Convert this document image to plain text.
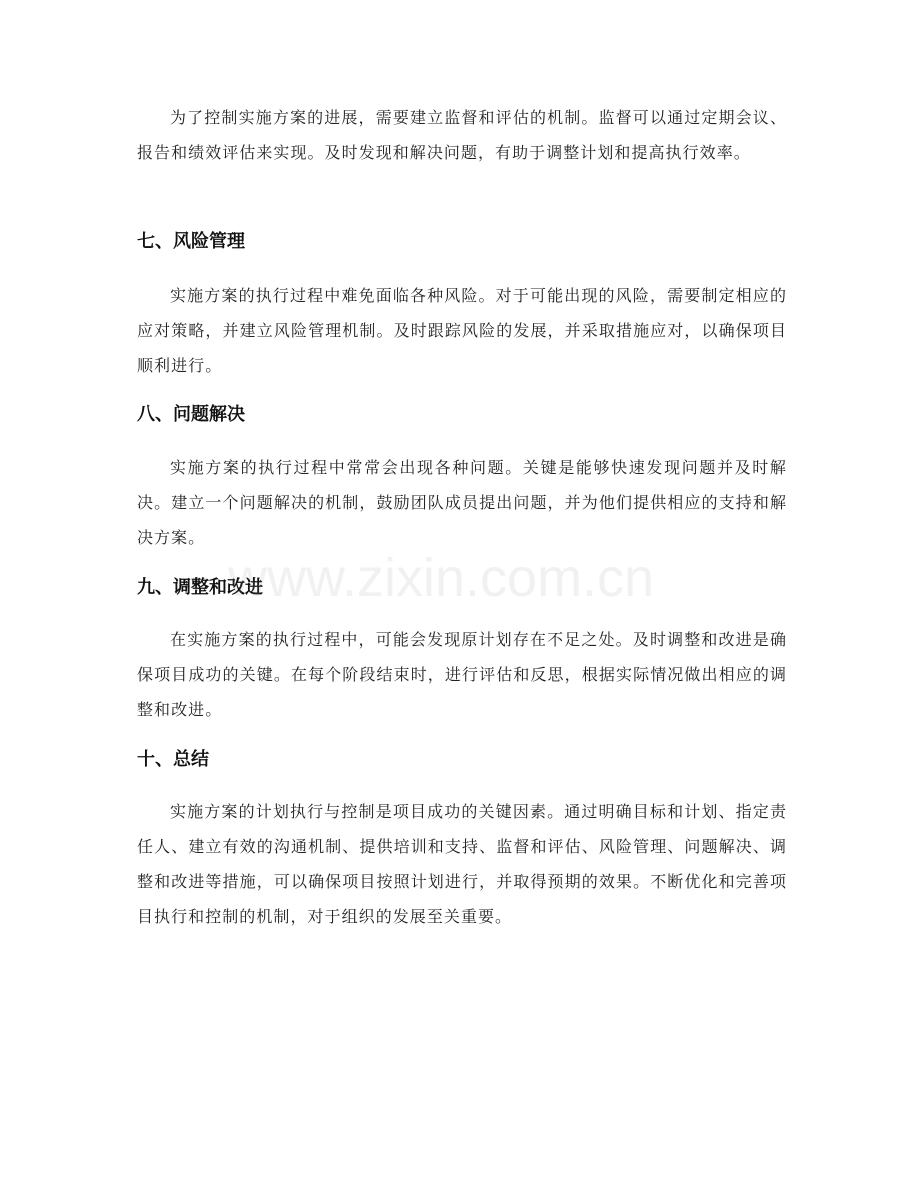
为了控制实施方案的进展，需要建立监督和评估的机制。监督可以通过定期会议、报告和绩效评估来实现。及时发现和解决问题，有助于调整计划和提高执行效率。

七、风险管理

实施方案的执行过程中难免面临各种风险。对于可能出现的风险，需要制定相应的应对策略，并建立风险管理机制。及时跟踪风险的发展，并采取措施应对，以确保项目顺利进行。

八、问题解决

实施方案的执行过程中常常会出现各种问题。关键是能够快速发现问题并及时解决。建立一个问题解决的机制，鼓励团队成员提出问题，并为他们提供相应的支持和解决方案。

九、调整和改进

在实施方案的执行过程中，可能会发现原计划存在不足之处。及时调整和改进是确保项目成功的关键。在每个阶段结束时，进行评估和反思，根据实际情况做出相应的调整和改进。

十、总结

实施方案的计划执行与控制是项目成功的关键因素。通过明确目标和计划、指定责任人、建立有效的沟通机制、提供培训和支持、监督和评估、风险管理、问题解决、调整和改进等措施，可以确保项目按照计划进行，并取得预期的效果。不断优化和完善项目执行和控制的机制，对于组织的发展至关重要。

www.zixin.com.cn
